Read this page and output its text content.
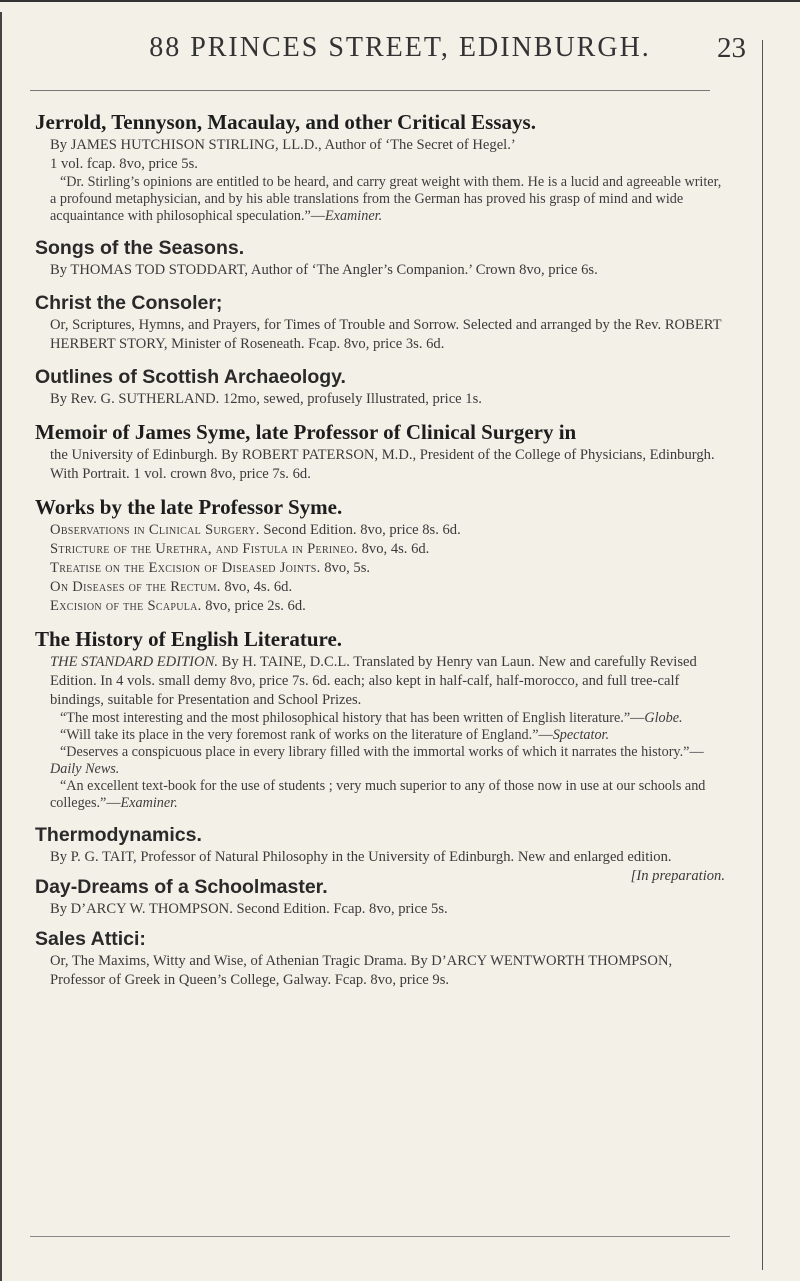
88 PRINCES STREET, EDINBURGH.	23

Jerrold, Tennyson, Macaulay, and other Critical Essays.

By JAMES HUTCHISON STIRLING, LL.D., Author of ‘The Secret of Hegel.’

1 vol. fcap. 8vo, price 5s.

“Dr. Stirling’s opinions are entitled to be heard, and carry great weight with them. He is a lucid and agreeable writer, a profound metaphysician, and by his able translations from the German has proved his grasp of mind and wide acquaintance with philosophical speculation.”—Examiner.

Songs of the Seasons.

By THOMAS TOD STODDART, Author of ‘The Angler’s Companion.’ Crown 8vo, price 6s.

Christ the Consoler;

Or, Scriptures, Hymns, and Prayers, for Times of Trouble and Sorrow. Selected and arranged by the Rev. ROBERT HERBERT STORY, Minister of Roseneath. Fcap. 8vo, price 3s. 6d.

Outlines of Scottish Archaeology.

By Rev. G. SUTHERLAND. 12mo, sewed, profusely Illustrated, price 1s.

Memoir of James Syme, late Professor of Clinical Surgery in

the University of Edinburgh. By ROBERT PATERSON, M.D., President of the College of Physicians, Edinburgh. With Portrait. 1 vol. crown 8vo, price 7s. 6d.

Works by the late Professor Syme.

Observations in Clinical Surgery. Second Edition. 8vo, price 8s. 6d.
Stricture of the Urethra, and Fistula in Perineo. 8vo, 4s. 6d.
Treatise on the Excision of Diseased Joints. 8vo, 5s.
On Diseases of the Rectum. 8vo, 4s. 6d.
Excision of the Scapula. 8vo, price 2s. 6d.

The History of English Literature.

THE STANDARD EDITION. By H. TAINE, D.C.L. Translated by Henry van Laun. New and carefully Revised Edition. In 4 vols. small demy 8vo, price 7s. 6d. each; also kept in half-calf, half-morocco, and full tree-calf bindings, suitable for Presentation and School Prizes.

“The most interesting and the most philosophical history that has been written of English literature.”—Globe.

“Will take its place in the very foremost rank of works on the literature of England.”—Spectator.

“Deserves a conspicuous place in every library filled with the immortal works of which it narrates the history.”—Daily News.

“An excellent text-book for the use of students ; very much superior to any of those now in use at our schools and colleges.”—Examiner.

Thermodynamics.

By P. G. TAIT, Professor of Natural Philosophy in the University of Edinburgh. New and enlarged edition.
[In preparation.

Day-Dreams of a Schoolmaster.

By D’ARCY W. THOMPSON. Second Edition. Fcap. 8vo, price 5s.

Sales Attici:

Or, The Maxims, Witty and Wise, of Athenian Tragic Drama. By D’ARCY WENTWORTH THOMPSON, Professor of Greek in Queen’s College, Galway. Fcap. 8vo, price 9s.
